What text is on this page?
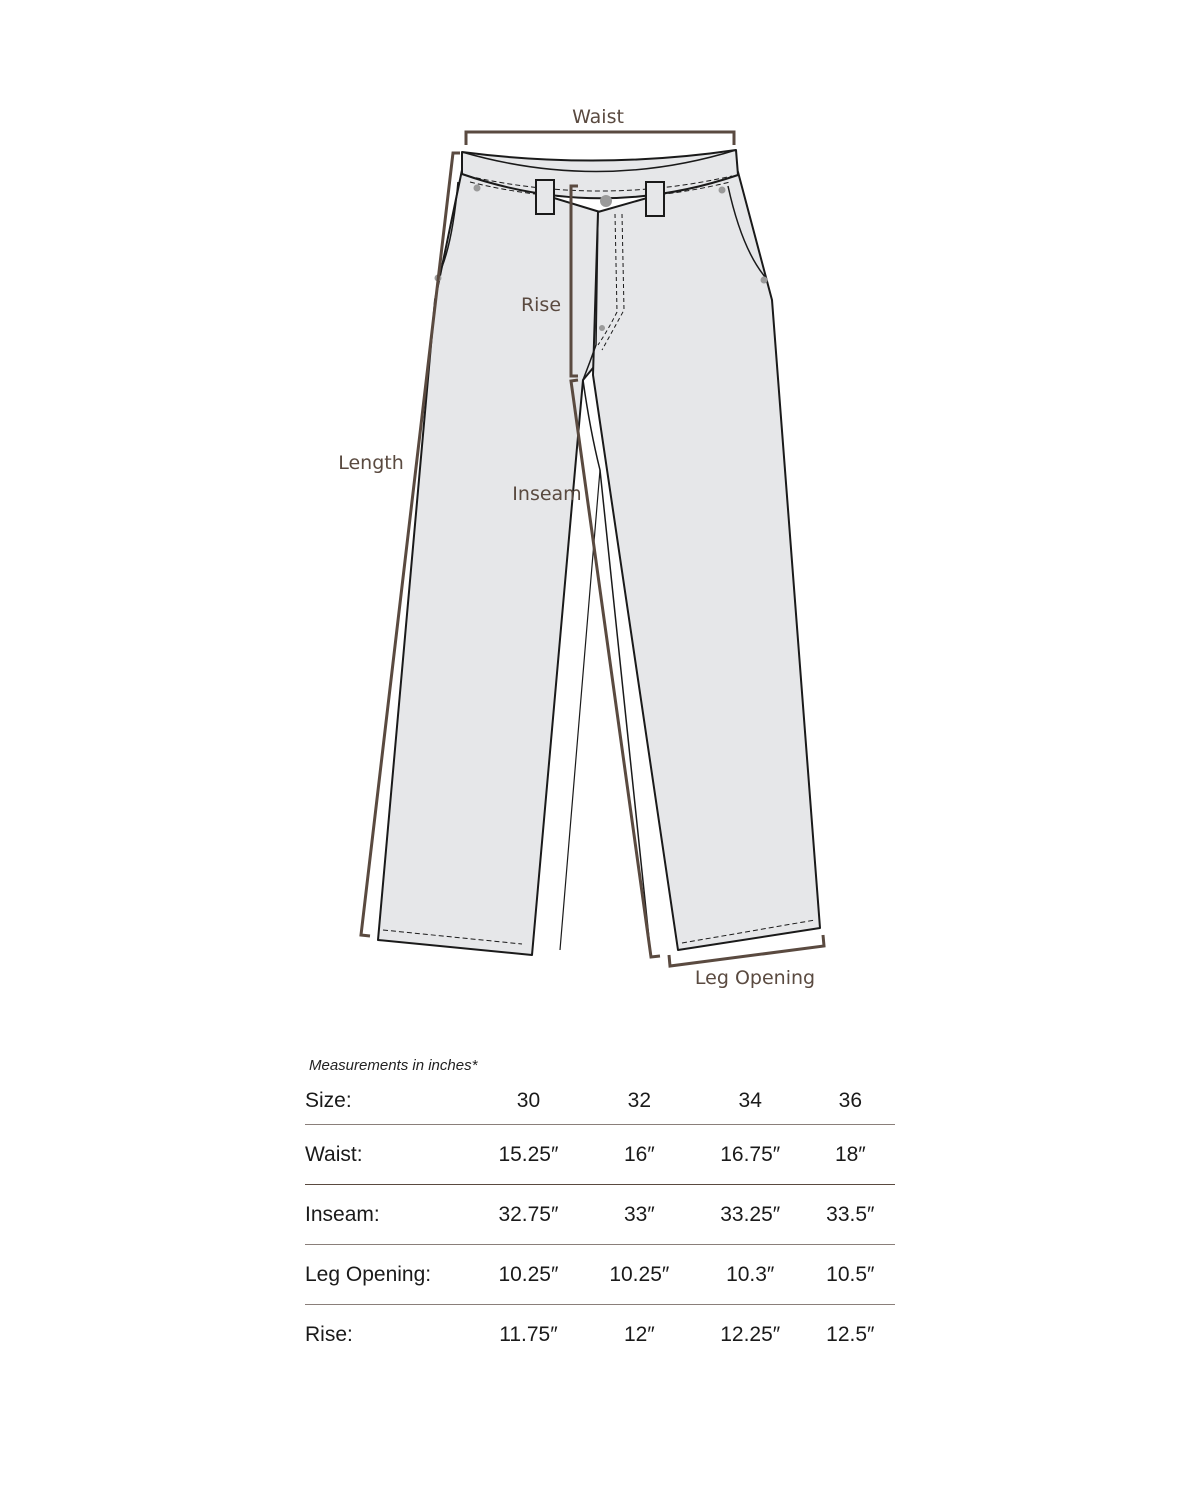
Waist
Rise
Length
Inseam
Leg Opening
Measurements in inches*
Size:	30	32	34	36
Waist:	15.25″	16″	16.75″	18″
Inseam:	32.75″	33″	33.25″	33.5″
Leg Opening:	10.25″	10.25″	10.3″	10.5″
Rise:	11.75″	12″	12.25″	12.5″
